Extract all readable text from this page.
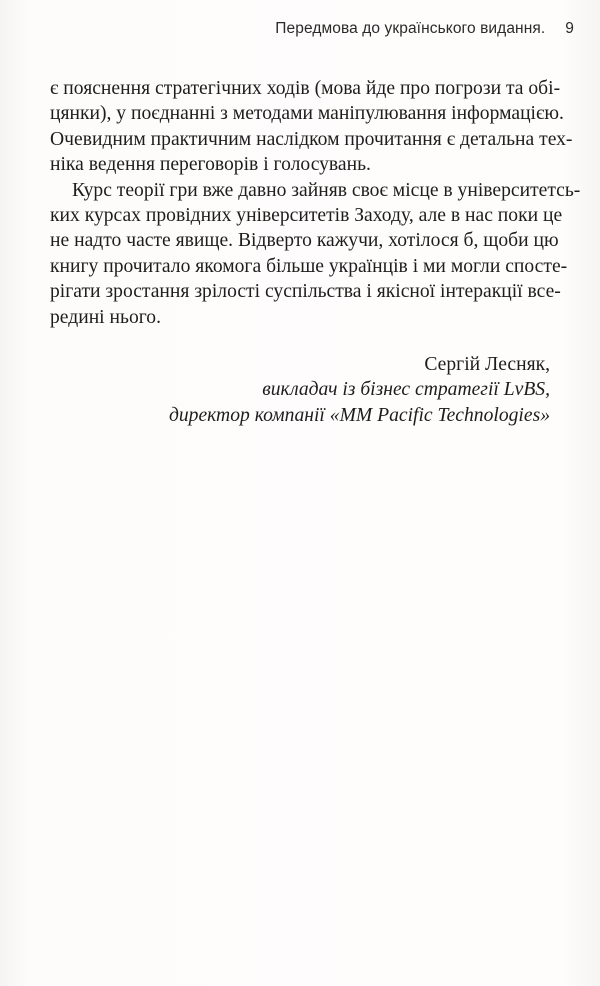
Передмова до українського видання. 9
є пояснення стратегічних ходів (мова йде про погрози та обі-
цянки), у поєднанні з методами маніпулювання інформацією.
Очевидним практичним наслідком прочитання є детальна тех-
ніка ведення переговорів і голосувань.
Курс теорії гри вже давно зайняв своє місце в університетсь-
ких курсах провідних університетів Заходу, але в нас поки це
не надто часте явище. Відверто кажучи, хотілося б, щоби цю
книгу прочитало якомога більше українців і ми могли спосте-
рігати зростання зрілості суспільства і якісної інтеракції все-
редині нього.
Сергій Лесняк,
викладач із бізнес стратегії LvBS,
директор компанії «MM Pacific Technologies»
